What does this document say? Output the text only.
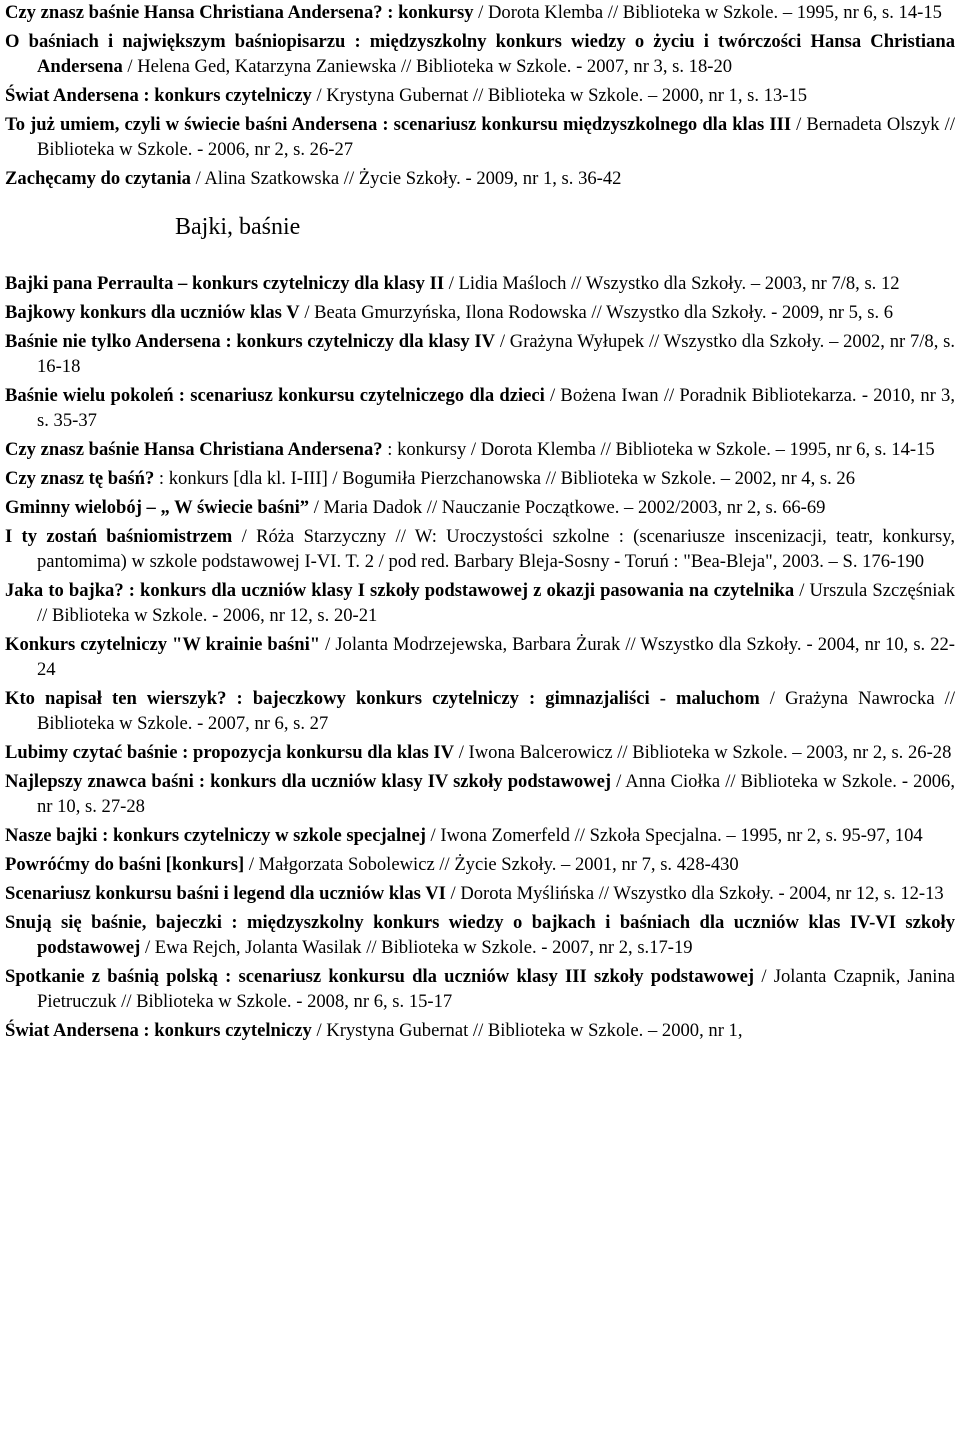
Czy znasz baśnie Hansa Christiana Andersena? : konkursy / Dorota Klemba // Biblioteka w Szkole. – 1995, nr 6, s. 14-15

O baśniach i największym baśniopisarzu : międzyszkolny konkurs wiedzy o życiu i twórczości Hansa Christiana Andersena / Helena Ged, Katarzyna Zaniewska // Biblioteka w Szkole. - 2007, nr 3, s. 18-20

Świat Andersena : konkurs czytelniczy / Krystyna Gubernat // Biblioteka w Szkole. – 2000, nr 1, s. 13-15

To już umiem, czyli w świecie baśni Andersena : scenariusz konkursu międzyszkolnego dla klas III / Bernadeta Olszyk // Biblioteka w Szkole. - 2006, nr 2, s. 26-27

Zachęcamy do czytania / Alina Szatkowska // Życie Szkoły. - 2009, nr 1, s. 36-42

Bajki, baśnie

Bajki pana Perraulta – konkurs czytelniczy dla klasy II / Lidia Maśloch // Wszystko dla Szkoły. – 2003, nr 7/8, s. 12

Bajkowy konkurs dla uczniów klas V / Beata Gmurzyńska, Ilona Rodowska // Wszystko dla Szkoły. - 2009, nr 5, s. 6

Baśnie nie tylko Andersena : konkurs czytelniczy dla klasy IV / Grażyna Wyłupek // Wszystko dla Szkoły. – 2002, nr 7/8, s. 16-18

Baśnie wielu pokoleń : scenariusz konkursu czytelniczego dla dzieci / Bożena Iwan // Poradnik Bibliotekarza. - 2010, nr 3, s. 35-37

Czy znasz baśnie Hansa Christiana Andersena? : konkursy / Dorota Klemba // Biblioteka w Szkole. – 1995, nr 6, s. 14-15

Czy znasz tę baśń? : konkurs [dla kl. I-III] / Bogumiła Pierzchanowska // Biblioteka w Szkole. – 2002, nr 4, s. 26

Gminny wielobój – „ W świecie baśni” / Maria Dadok // Nauczanie Początkowe. – 2002/2003, nr 2, s. 66-69

I ty zostań baśniomistrzem / Róża Starzyczny // W: Uroczystości szkolne : (scenariusze inscenizacji, teatr, konkursy, pantomima) w szkole podstawowej I-VI. T. 2 / pod red. Barbary Bleja-Sosny - Toruń : "Bea-Bleja", 2003. – S. 176-190

Jaka to bajka? : konkurs dla uczniów klasy I szkoły podstawowej z okazji pasowania na czytelnika / Urszula Szczęśniak // Biblioteka w Szkole. - 2006, nr 12, s. 20-21

Konkurs czytelniczy "W krainie baśni" / Jolanta Modrzejewska, Barbara Żurak // Wszystko dla Szkoły. - 2004, nr 10, s. 22-24

Kto napisał ten wierszyk? : bajeczkowy konkurs czytelniczy : gimnazjaliści - maluchom / Grażyna Nawrocka // Biblioteka w Szkole. - 2007, nr 6, s. 27

Lubimy czytać baśnie : propozycja konkursu dla klas IV / Iwona Balcerowicz // Biblioteka w Szkole. – 2003, nr 2, s. 26-28

Najlepszy znawca baśni : konkurs dla uczniów klasy IV szkoły podstawowej / Anna Ciołka // Biblioteka w Szkole. - 2006, nr 10, s. 27-28

Nasze bajki : konkurs czytelniczy w szkole specjalnej / Iwona Zomerfeld // Szkoła Specjalna. – 1995, nr 2, s. 95-97, 104

Powróćmy do baśni [konkurs] / Małgorzata Sobolewicz // Życie Szkoły. – 2001, nr 7, s. 428-430

Scenariusz konkursu baśni i legend dla uczniów klas VI / Dorota Myślińska // Wszystko dla Szkoły. - 2004, nr 12, s. 12-13

Snują się baśnie, bajeczki : międzyszkolny konkurs wiedzy o bajkach i baśniach dla uczniów klas IV-VI szkoły podstawowej / Ewa Rejch, Jolanta Wasilak // Biblioteka w Szkole. - 2007, nr 2, s.17-19

Spotkanie z baśnią polską : scenariusz konkursu dla uczniów klasy III szkoły podstawowej / Jolanta Czapnik, Janina Pietruczuk // Biblioteka w Szkole. - 2008, nr 6, s. 15-17

Świat Andersena : konkurs czytelniczy / Krystyna Gubernat // Biblioteka w Szkole. – 2000, nr 1,
